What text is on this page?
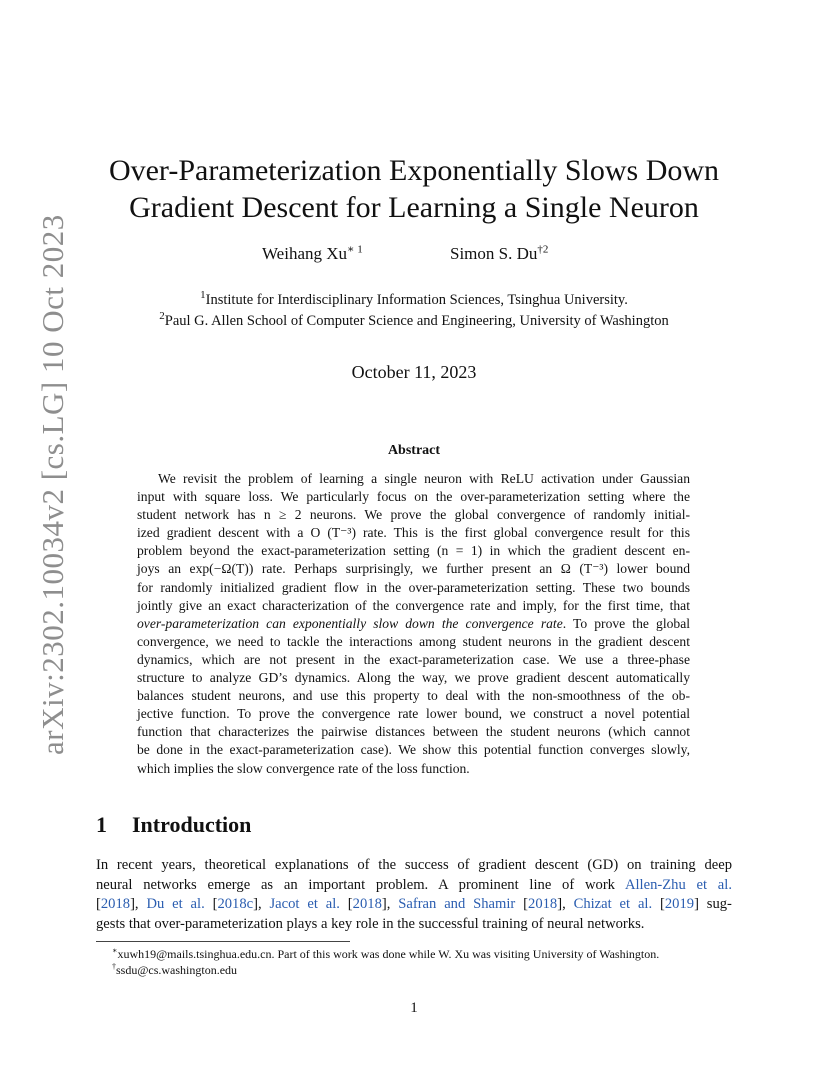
arXiv:2302.10034v2 [cs.LG] 10 Oct 2023
Over-Parameterization Exponentially Slows Down
Gradient Descent for Learning a Single Neuron
Weihang $Xu^{∗ 1}$	Simon S. Du$^{\dagger 2}$
$^1$Institute for Interdisciplinary Information Sciences, Tsinghua University.
$^2$Paul G. Allen School of Computer Science and Engineering, University of Washington
October 11, 2023
Abstract
We revisit the problem of learning a single neuron with ReLU activation under Gaussian
input with square loss. We particularly focus on the over-parameterization setting where the
student network has n ≥ 2 neurons. We prove the global convergence of randomly initial-
ized gradient descent with a O (T⁻³) rate. This is the first global convergence result for this
problem beyond the exact-parameterization setting (n = 1) in which the gradient descent en-
joys an exp(−Ω(T)) rate. Perhaps surprisingly, we further present an Ω (T⁻³) lower bound
for randomly initialized gradient flow in the over-parameterization setting. These two bounds
jointly give an exact characterization of the convergence rate and imply, for the first time, that
over-parameterization can exponentially slow down the convergence rate. To prove the global
convergence, we need to tackle the interactions among student neurons in the gradient descent
dynamics, which are not present in the exact-parameterization case. We use a three-phase
structure to analyze GD’s dynamics. Along the way, we prove gradient descent automatically
balances student neurons, and use this property to deal with the non-smoothness of the ob-
jective function. To prove the convergence rate lower bound, we construct a novel potential
function that characterizes the pairwise distances between the student neurons (which cannot
be done in the exact-parameterization case). We show this potential function converges slowly,
which implies the slow convergence rate of the loss function.
1 Introduction
In recent years, theoretical explanations of the success of gradient descent (GD) on training deep
neural networks emerge as an important problem. A prominent line of work Allen-Zhu et al.
[2018], Du et al. [2018c], Jacot et al. [2018], Safran and Shamir [2018], Chizat et al. [2019] sug-
gests that over-parameterization plays a key role in the successful training of neural networks.
∗xuwh19@mails.tsinghua.edu.cn. Part of this work was done while W. Xu was visiting University of Washington.
†ssdu@cs.washington.edu
1
